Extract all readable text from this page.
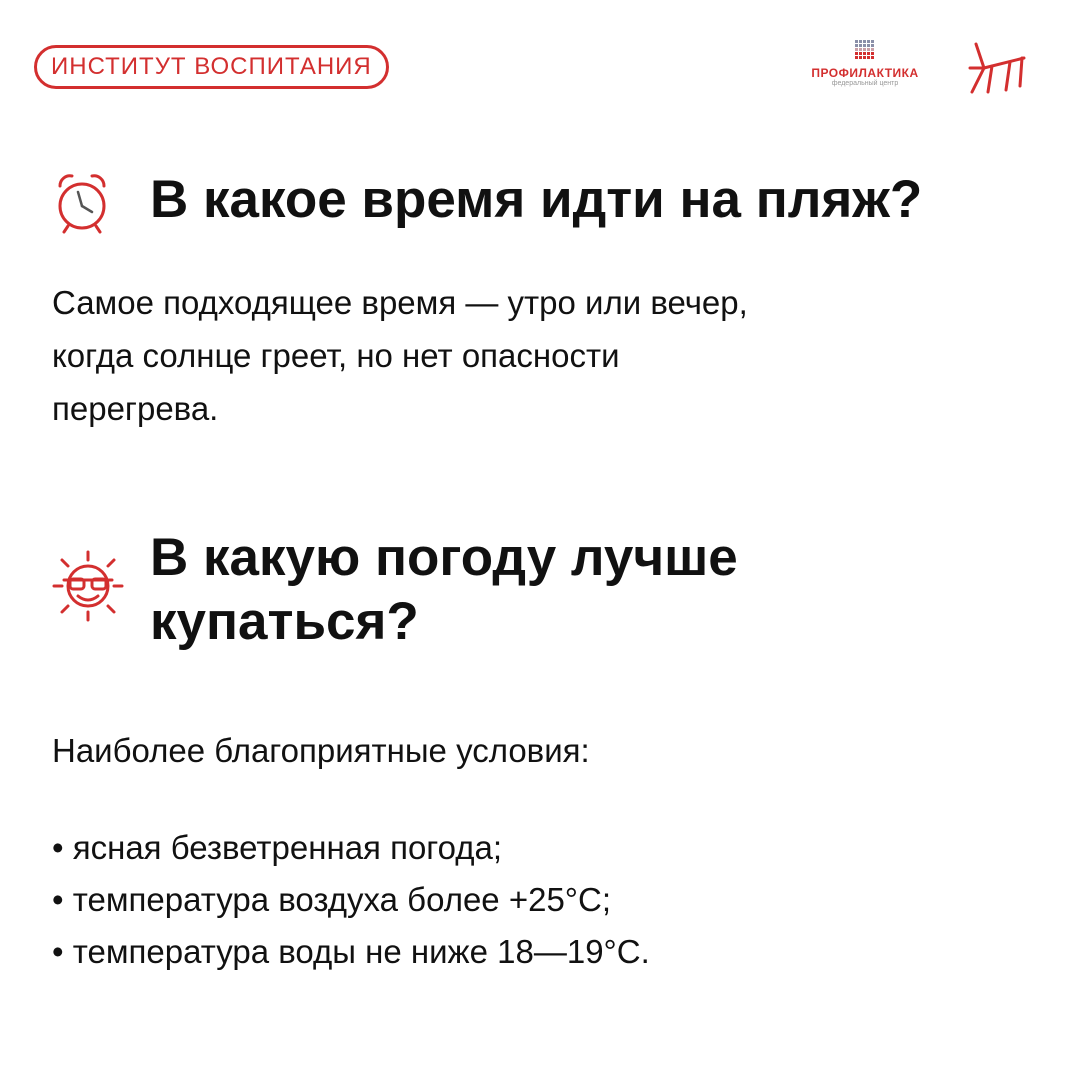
ИНСТИТУТ ВОСПИТАНИЯ	ПРОФИЛАКТИКА
федеральный центр
В какое время идти на пляж?
Самое подходящее время — утро или вечер,
когда солнце греет, но нет опасности
перегрева.
В какую погоду лучше
купаться?
Наиболее благоприятные условия:
• ясная безветренная погода;
• температура воздуха более +25°С;
• температура воды не ниже 18—19°С.
